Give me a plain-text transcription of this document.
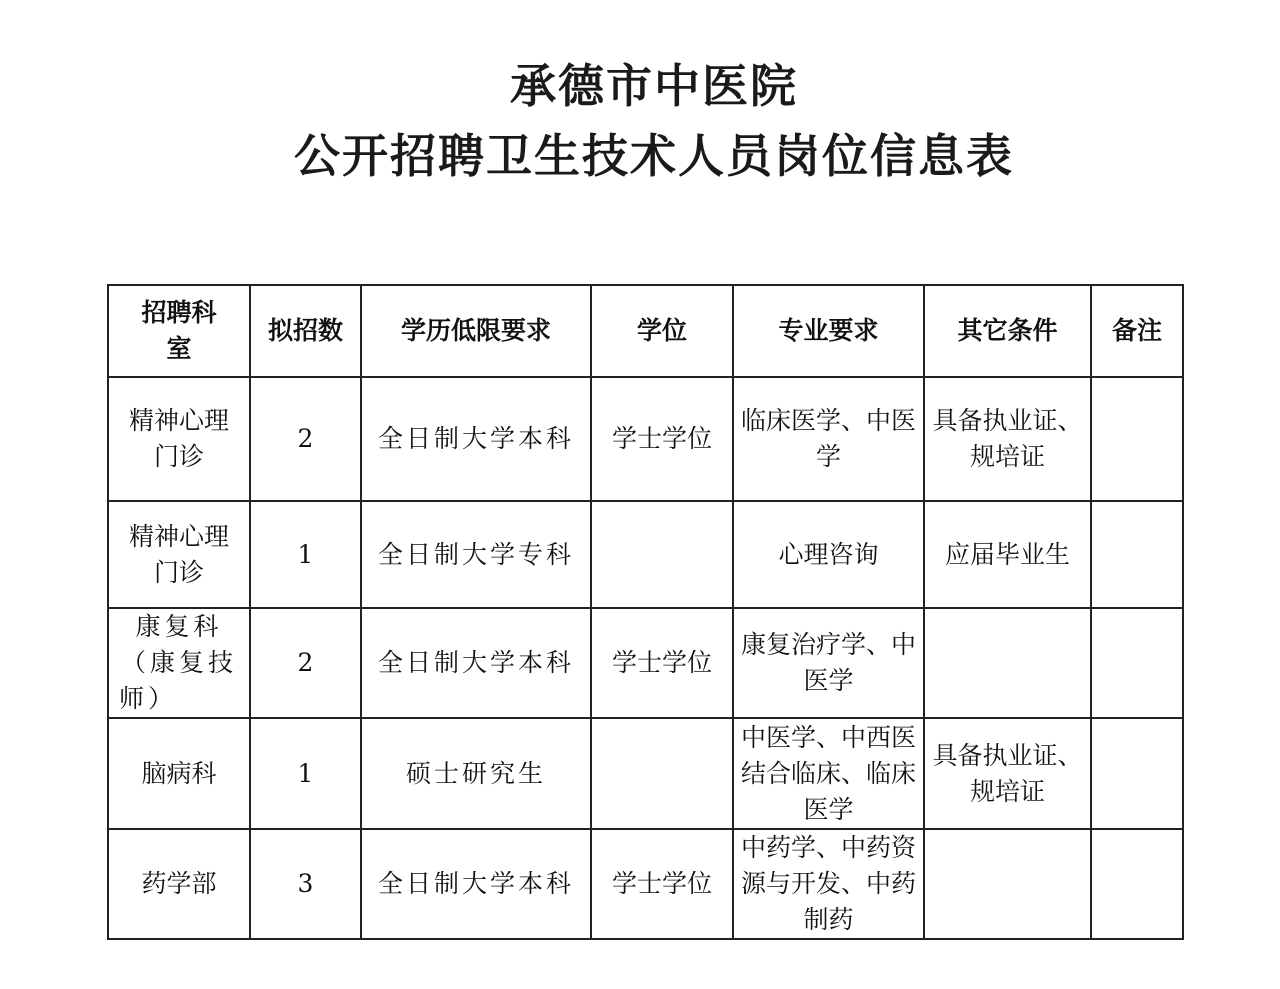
承德市中医院
公开招聘卫生技术人员岗位信息表
招聘科室	拟招数	学历低限要求	学位	专业要求	其它条件	备注
精神心理门诊	2	全日制大学本科	学士学位	临床医学、中医学	具备执业证、规培证	
精神心理门诊	1	全日制大学专科		心理咨询	应届毕业生	
康复科（康复技师）	2	全日制大学本科	学士学位	康复治疗学、中医学		
脑病科	1	硕士研究生		中医学、中西医结合临床、临床医学	具备执业证、规培证	
药学部	3	全日制大学本科	学士学位	中药学、中药资源与开发、中药制药		
